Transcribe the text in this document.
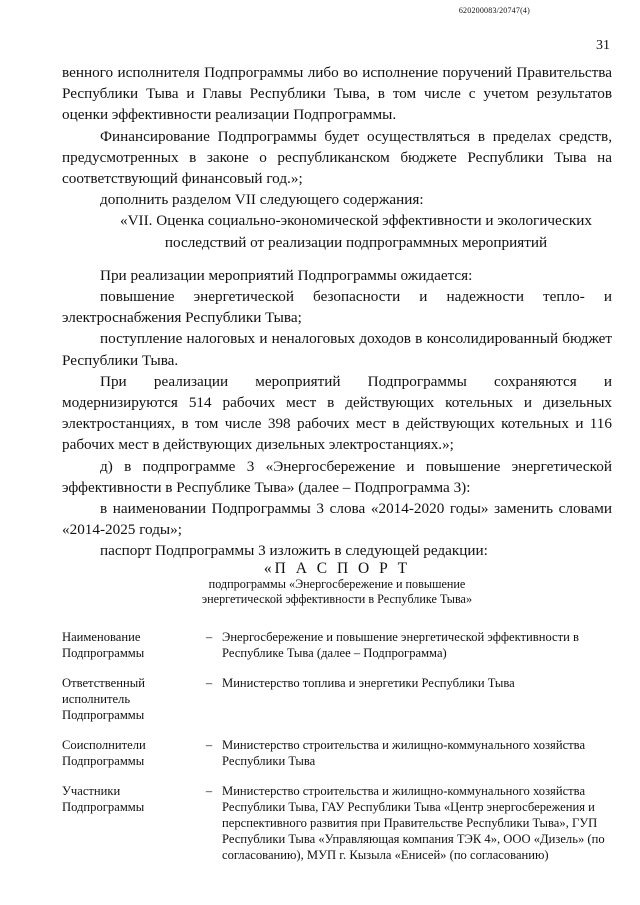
620200083/20747(4)
31

венного исполнителя Подпрограммы либо во исполнение поручений Правительства Республики Тыва и Главы Республики Тыва, в том числе с учетом результатов оценки эффективности реализации Подпрограммы.

Финансирование Подпрограммы будет осуществляться в пределах средств, предусмотренных в законе о республиканском бюджете Республики Тыва на соответствующий финансовый год.»;

дополнить разделом VII следующего содержания:

«VII. Оценка социально-экономической эффективности и экологических
последствий от реализации подпрограммных мероприятий

При реализации мероприятий Подпрограммы ожидается:

повышение энергетической безопасности и надежности тепло- и электроснабжения Республики Тыва;

поступление налоговых и неналоговых доходов в консолидированный бюджет Республики Тыва.

При реализации мероприятий Подпрограммы сохраняются и модернизируются 514 рабочих мест в действующих котельных и дизельных электростанциях, в том числе 398 рабочих мест в действующих котельных и 116 рабочих мест в действующих дизельных электростанциях.»;

д) в подпрограмме 3 «Энергосбережение и повышение энергетической эффективности в Республике Тыва» (далее – Подпрограмма 3):

в наименовании Подпрограммы 3 слова «2014-2020 годы» заменить словами «2014-2025 годы»;

паспорт Подпрограммы 3 изложить в следующей редакции:

«П А С П О Р Т
подпрограммы «Энергосбережение и повышение
энергетической эффективности в Республике Тыва»
Наименование Подпрограммы	–	Энергосбережение и повышение энергетической эффективности в Республике Тыва (далее – Подпрограмма)
Ответственный исполнитель Подпрограммы	–	Министерство топлива и энергетики Республики Тыва
Соисполнители Подпрограммы	–	Министерство строительства и жилищно-коммунального хозяйства Республики Тыва
Участники Подпрограммы	–	Министерство строительства и жилищно-коммунального хозяйства Республики Тыва, ГАУ Республики Тыва «Центр энергосбережения и перспективного развития при Правительстве Республики Тыва», ГУП Республики Тыва «Управляющая компания ТЭК 4», ООО «Дизель» (по согласованию), МУП г. Кызыла «Енисей» (по согласованию)
